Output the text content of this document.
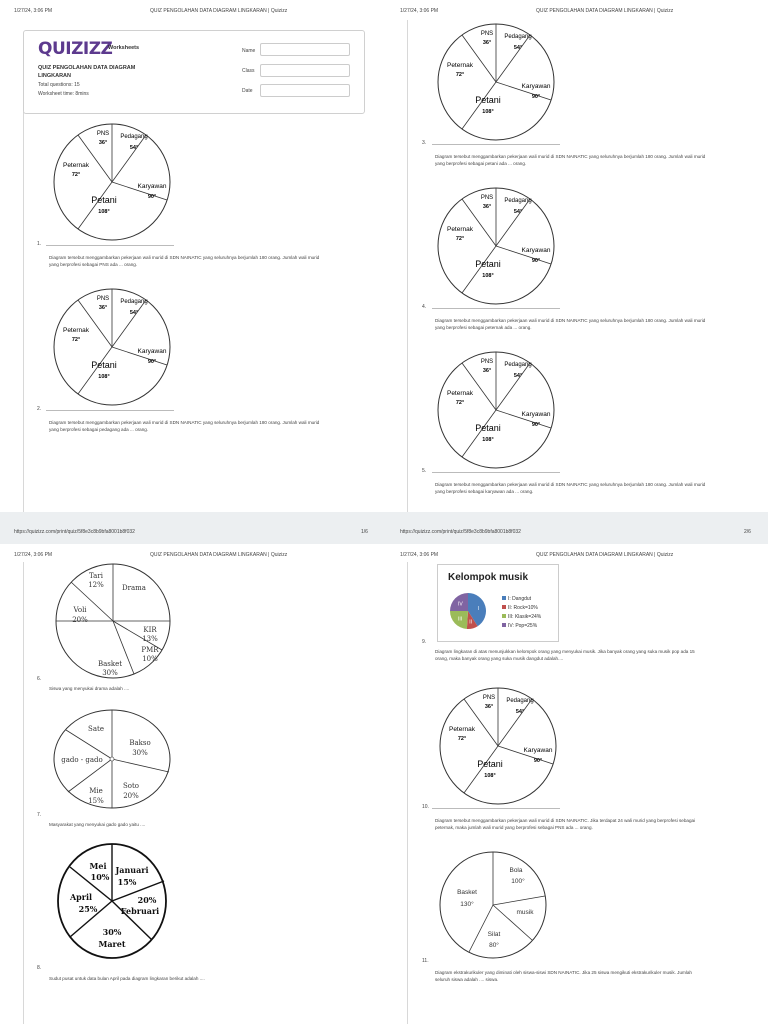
1/27/24, 3:06 PM	QUIZ PENGOLAHAN DATA DIAGRAM LINGKARAN | Quizizz
QUIZIZZ
Worksheets
QUIZ PENGOLAHAN DATA DIAGRAM LINGKARAN
Total questions: 15
Worksheet time: 8mins
Name
Class
Date
PNS
36°
Pedagang
54°
Peternak
72°
Karyawan
90°
Petani
108°
1.
Diagram tersebut menggambarkan pekerjaan wali murid di SDN NAINATIC yang seluruhnya berjumlah 180 orang. Jumlah wali murid
yang berprofesi sebagai PNS ada ... orang.
PNS
36°
Pedagang
54°
Peternak
72°
Karyawan
90°
Petani
108°
2.
Diagram tersebut menggambarkan pekerjaan wali murid di SDN NAINATIC yang seluruhnya berjumlah 180 orang. Jumlah wali murid
yang berprofesi sebagai pedagang ada ... orang.
1/27/24, 3:06 PM	QUIZ PENGOLAHAN DATA DIAGRAM LINGKARAN | Quizizz
PNS
36°
Pedagang
54°
Peternak
72°
Karyawan
90°
Petani
108°
3.
Diagram tersebut menggambarkan pekerjaan wali murid di SDN NAINATIC yang seluruhnya berjumlah 180 orang. Jumlah wali murid
yang berprofesi sebagai petani ada ... orang.
PNS
36°
Pedagang
54°
Peternak
72°
Karyawan
90°
Petani
108°
4.
Diagram tersebut menggambarkan pekerjaan wali murid di SDN NAINATIC yang seluruhnya berjumlah 180 orang. Jumlah wali murid
yang berprofesi sebagai peternak ada ... orang.
PNS
36°
Pedagang
54°
Peternak
72°
Karyawan
90°
Petani
108°
5.
Diagram tersebut menggambarkan pekerjaan wali murid di SDN NAINATIC yang seluruhnya berjumlah 180 orang. Jumlah wali murid
yang berprofesi sebagai karyawan ada ... orang.
https://quizizz.com/print/quiz/5f8e3c8b9bfa8001b8f032	1/6	https://quizizz.com/print/quiz/5f8e3c8b9bfa8001b8f032	2/6
1/27/24, 3:06 PM	QUIZ PENGOLAHAN DATA DIAGRAM LINGKARAN | Quizizz
Tari
12%	Drama
Voli
20%
KIR
13%
PMR
10%
Basket
30%
6.
Siswa yang menyukai drama adalah ....
Sate
Bakso
30%
gado - gado
Soto
20%
Mie
15%
7.
Masyarakat yang menyukai gado gado yaitu ....
Mei
10%
Januari
15%
April
25%
20%
Februari
30%
Maret
8.
Sudut pusat untuk data bulan April pada diagram lingkaran berikut adalah ....
1/27/24, 3:06 PM	QUIZ PENGOLAHAN DATA DIAGRAM LINGKARAN | Quizizz
Kelompok musik
I
II
III
IV
I: Dangdut
II: Rock=10%
III: Klasik=24%
IV: Pop=25%
9.
Diagram lingkaran di atas menunjukkan kelompok orang yang menyukai musik. Jika banyak orang yang suka musik pop ada 15
orang, maka banyak orang yang suka musik dangdut adalah....
PNS
36°
Pedagang
54°
Peternak
72°
Karyawan
90°
Petani
108°
10.
Diagram tersebut menggambarkan pekerjaan wali murid di SDN NAINATIC. Jika terdapat 24 wali murid yang berprofesi sebagai
peternak, maka jumlah wali murid yang berprofesi sebagai PNS ada ... orang.
Bola
100°
Basket
130°
musik
Silat
80°
11.
Diagram ekstrakurikuler yang diminati oleh siswa-siswi SDN NAINATIC. Jika 25 siswa mengikuti ekstrakurikuler musik. Jumlah
seluruh siswa adalah .... siswa.
